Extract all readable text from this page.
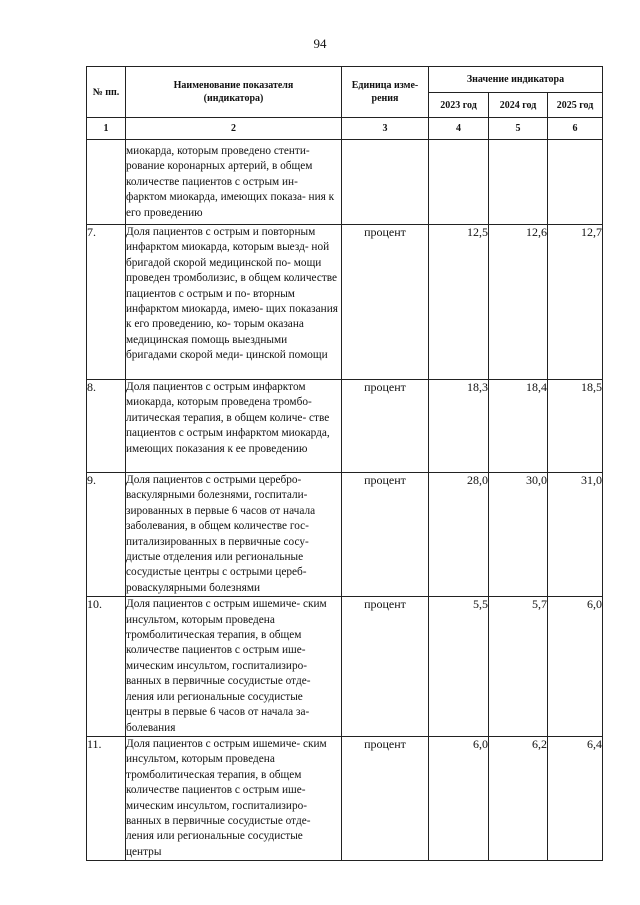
94
№ пп.	Наименование показателя (индикатора)	Единица изме- рения	Значение индикатора		
			2023 год	2024 год	2025 год
1	2	3	4	5	6
	миокарда, которым проведено стенти- рование коронарных артерий, в общем количестве пациентов с острым ин- фарктом миокарда, имеющих показа- ния к его проведению				
7.	Доля пациентов с острым и повторным инфарктом миокарда, которым выезд- ной бригадой скорой медицинской по- мощи проведен тромболизис, в общем количестве пациентов с острым и по- вторным инфарктом миокарда, имею- щих показания к его проведению, ко- торым оказана медицинская помощь выездными бригадами скорой меди- цинской помощи	процент	12,5	12,6	12,7
8.	Доля пациентов с острым инфарктом миокарда, которым проведена тромбо- литическая терапия, в общем количе- стве пациентов с острым инфарктом миокарда, имеющих показания к ее проведению	процент	18,3	18,4	18,5
9.	Доля пациентов с острыми церебро- васкулярными болезнями, госпитали- зированных в первые 6 часов от начала заболевания, в общем количестве гос- питализированных в первичные сосу- дистые отделения или региональные сосудистые центры с острыми цереб- роваскулярными болезнями	процент	28,0	30,0	31,0
10.	Доля пациентов с острым ишемиче- ским инсультом, которым проведена тромболитическая терапия, в общем количестве пациентов с острым ише- мическим инсультом, госпитализиро- ванных в первичные сосудистые отде- ления или региональные сосудистые центры в первые 6 часов от начала за- болевания	процент	5,5	5,7	6,0
11.	Доля пациентов с острым ишемиче- ским инсультом, которым проведена тромболитическая терапия, в общем количестве пациентов с острым ише- мическим инсультом, госпитализиро- ванных в первичные сосудистые отде- ления или региональные сосудистые центры	процент	6,0	6,2	6,4
